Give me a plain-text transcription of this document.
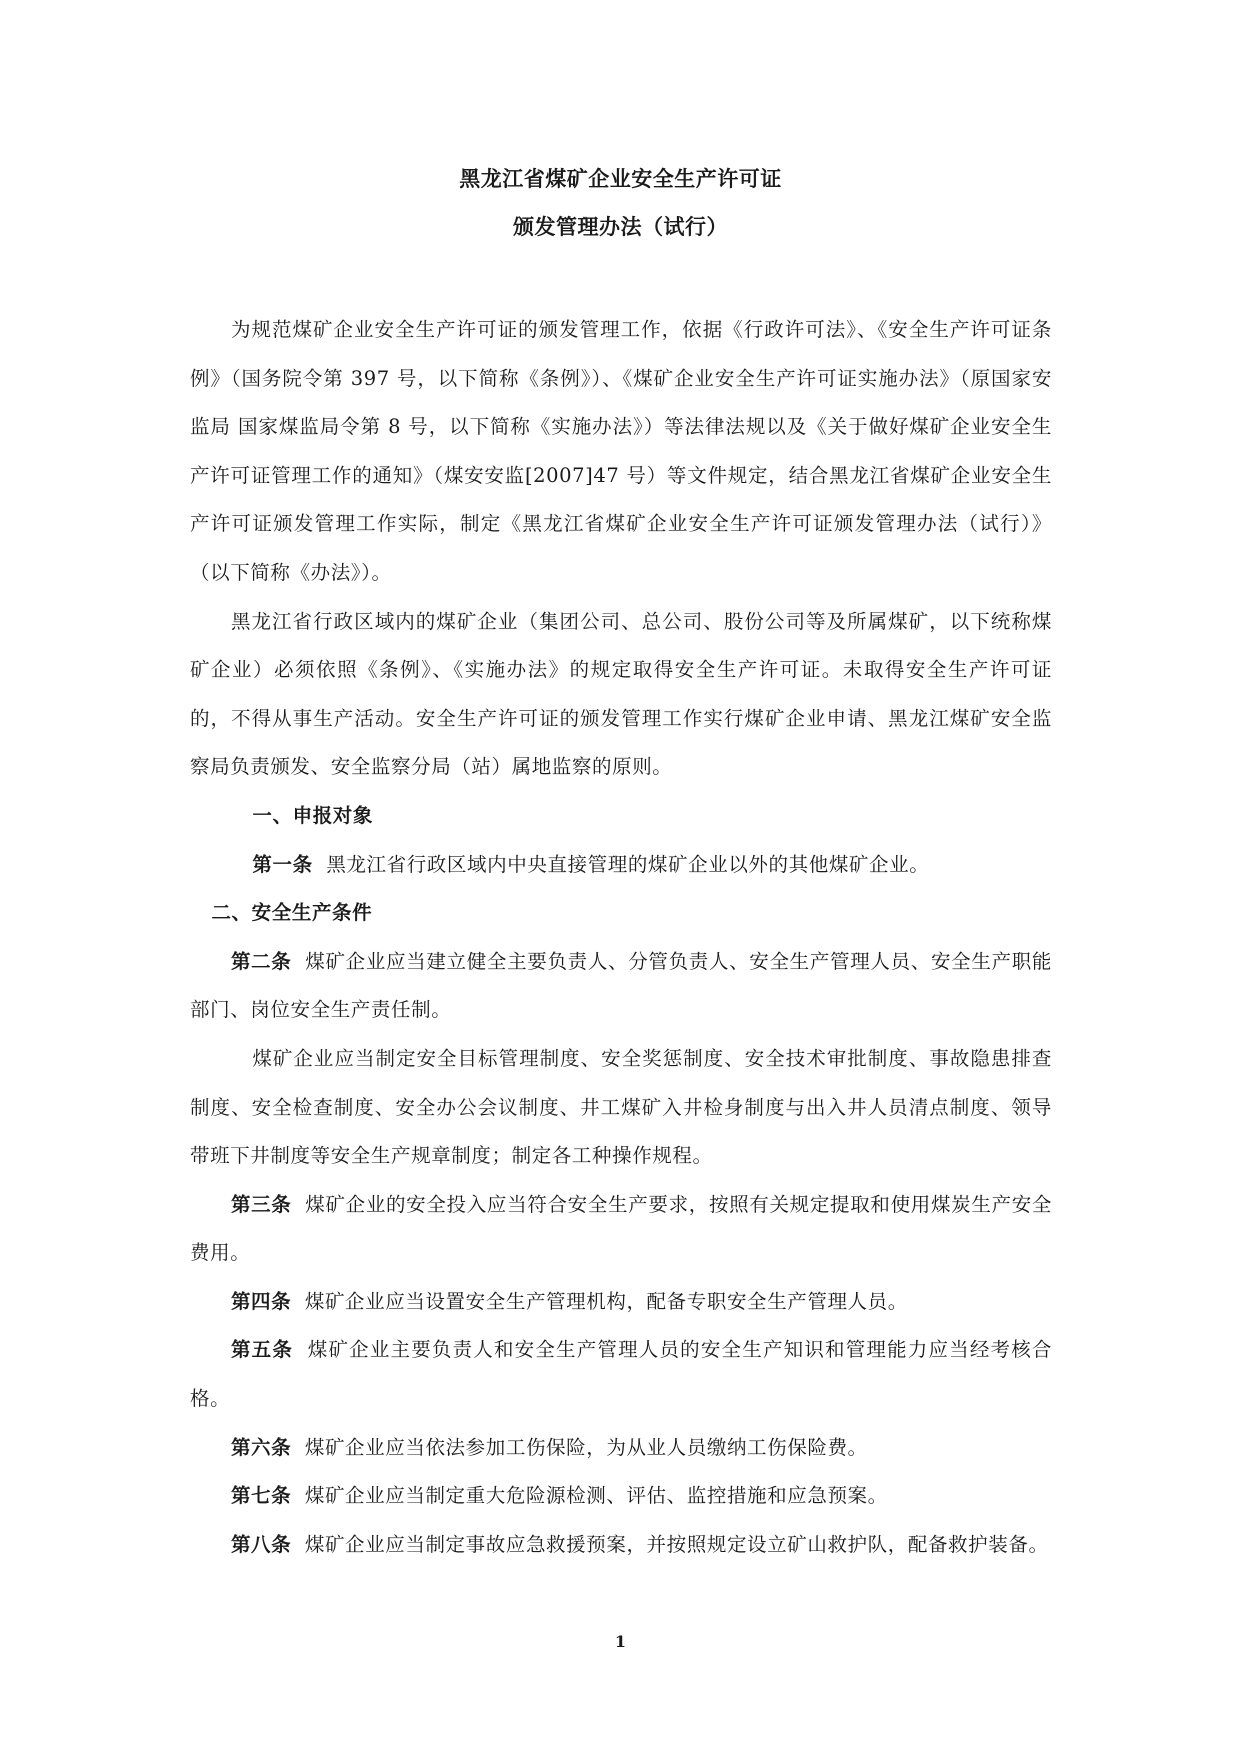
黑龙江省煤矿企业安全生产许可证
颁发管理办法（试行）

为规范煤矿企业安全生产许可证的颁发管理工作，依据《行政许可法》、《安全生产许可证条例》（国务院令第 397 号，以下简称《条例》）、《煤矿企业安全生产许可证实施办法》（原国家安监局 国家煤监局令第 8 号，以下简称《实施办法》）等法律法规以及《关于做好煤矿企业安全生产许可证管理工作的通知》（煤安安监[2007]47 号）等文件规定，结合黑龙江省煤矿企业安全生产许可证颁发管理工作实际，制定《黑龙江省煤矿企业安全生产许可证颁发管理办法（试行）》（以下简称《办法》）。

黑龙江省行政区域内的煤矿企业（集团公司、总公司、股份公司等及所属煤矿，以下统称煤矿企业）必须依照《条例》、《实施办法》的规定取得安全生产许可证。未取得安全生产许可证的，不得从事生产活动。安全生产许可证的颁发管理工作实行煤矿企业申请、黑龙江煤矿安全监察局负责颁发、安全监察分局（站）属地监察的原则。

一、申报对象

第一条 黑龙江省行政区域内中央直接管理的煤矿企业以外的其他煤矿企业。

二、安全生产条件

第二条 煤矿企业应当建立健全主要负责人、分管负责人、安全生产管理人员、安全生产职能部门、岗位安全生产责任制。

煤矿企业应当制定安全目标管理制度、安全奖惩制度、安全技术审批制度、事故隐患排查制度、安全检查制度、安全办公会议制度、井工煤矿入井检身制度与出入井人员清点制度、领导带班下井制度等安全生产规章制度；制定各工种操作规程。

第三条 煤矿企业的安全投入应当符合安全生产要求，按照有关规定提取和使用煤炭生产安全费用。

第四条 煤矿企业应当设置安全生产管理机构，配备专职安全生产管理人员。

第五条 煤矿企业主要负责人和安全生产管理人员的安全生产知识和管理能力应当经考核合格。

第六条 煤矿企业应当依法参加工伤保险，为从业人员缴纳工伤保险费。

第七条 煤矿企业应当制定重大危险源检测、评估、监控措施和应急预案。

第八条 煤矿企业应当制定事故应急救援预案，并按照规定设立矿山救护队，配备救护装备。

1
